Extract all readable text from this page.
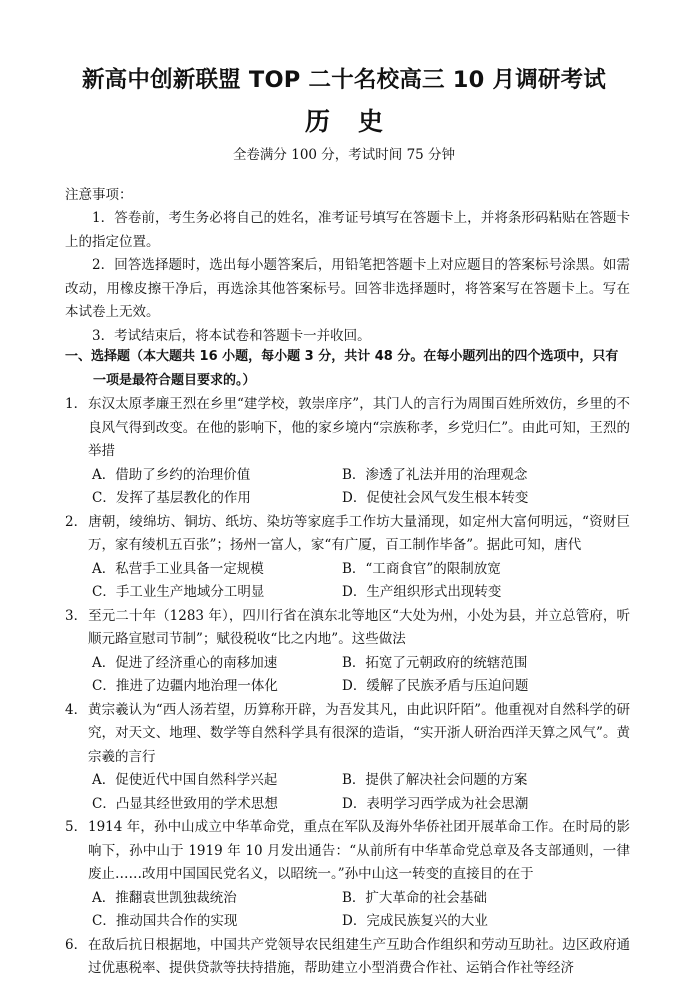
新高中创新联盟 TOP 二十名校高三 10 月调研考试
历史
全卷满分 100 分，考试时间 75 分钟
注意事项：
1．答卷前，考生务必将自己的姓名，准考证号填写在答题卡上，并将条形码粘贴在答题卡上的指定位置。
2．回答选择题时，选出每小题答案后，用铅笔把答题卡上对应题目的答案标号涂黑。如需改动，用橡皮擦干净后，再选涂其他答案标号。回答非选择题时，将答案写在答题卡上。写在本试卷上无效。
3．考试结束后，将本试卷和答题卡一并收回。
一、选择题（本大题共 16 小题，每小题 3 分，共计 48 分。在每小题列出的四个选项中，只有一项是最符合题目要求的。）
1．东汉太原孝廉王烈在乡里“建学校，敦崇庠序”，其门人的言行为周围百姓所效仿，乡里的不良风气得到改变。在他的影响下，他的家乡境内“宗族称孝，乡党归仁”。由此可知，王烈的举措
A．借助了乡约的治理价值	B．渗透了礼法并用的治理观念
C．发挥了基层教化的作用	D．促使社会风气发生根本转变
2．唐朝，绫绵坊、铜坊、纸坊、染坊等家庭手工作坊大量涌现，如定州大富何明远，“资财巨万，家有绫机五百张”；扬州一富人，家“有广厦，百工制作毕备”。据此可知，唐代
A．私营手工业具备一定规模	B．“工商食官”的限制放宽
C．手工业生产地域分工明显	D．生产组织形式出现转变
3．至元二十年（1283 年），四川行省在滇东北等地区“大处为州，小处为县，并立总管府，听顺元路宣慰司节制”；赋役税收“比之内地”。这些做法
A．促进了经济重心的南移加速	B．拓宽了元朝政府的统辖范围
C．推进了边疆内地治理一体化	D．缓解了民族矛盾与压迫问题
4．黄宗羲认为“西人汤若望，历算称开辟，为吾发其凡，由此识阡陌”。他重视对自然科学的研究，对天文、地理、数学等自然科学具有很深的造诣，“实开浙人研治西洋天算之风气”。黄宗羲的言行
A．促使近代中国自然科学兴起	B．提供了解决社会问题的方案
C．凸显其经世致用的学术思想	D．表明学习西学成为社会思潮
5．1914 年，孙中山成立中华革命党，重点在军队及海外华侨社团开展革命工作。在时局的影响下，孙中山于 1919 年 10 月发出通告：“从前所有中华革命党总章及各支部通则，一律废止……改用中国国民党名义，以昭统一。”孙中山这一转变的直接目的在于
A．推翻袁世凯独裁统治	B．扩大革命的社会基础
C．推动国共合作的实现	D．完成民族复兴的大业
6．在敌后抗日根据地，中国共产党领导农民组建生产互助合作组织和劳动互助社。边区政府通过优惠税率、提供贷款等扶持措施，帮助建立小型消费合作社、运销合作社等经济
